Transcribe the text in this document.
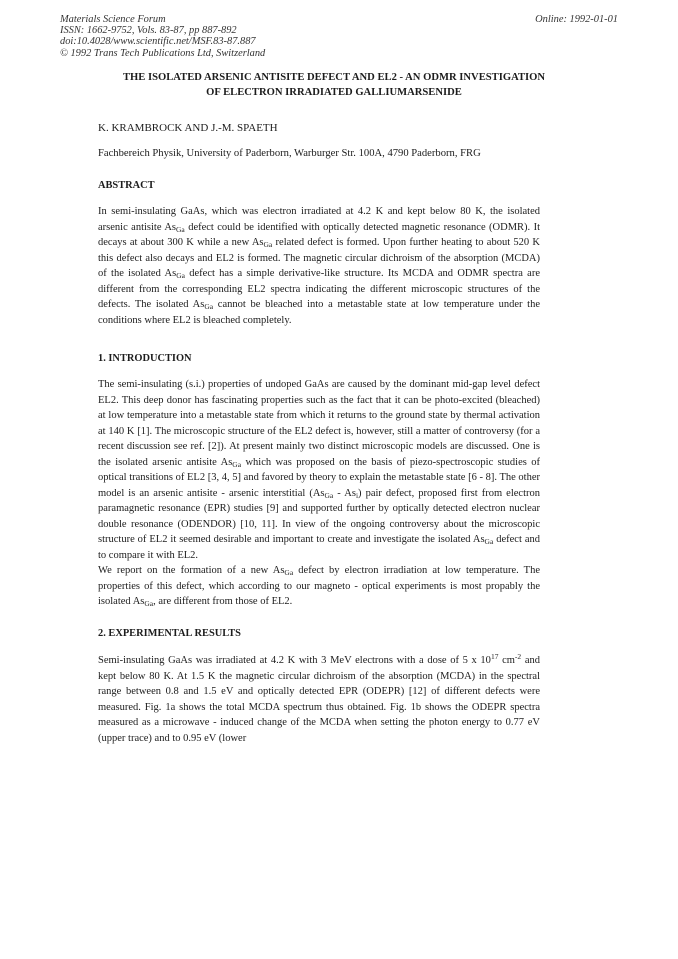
Materials Science Forum
ISSN: 1662-9752, Vols. 83-87, pp 887-892
doi:10.4028/www.scientific.net/MSF.83-87.887
© 1992 Trans Tech Publications Ltd, Switzerland
Online: 1992-01-01
THE ISOLATED ARSENIC ANTISITE DEFECT AND EL2 - AN ODMR INVESTIGATION
OF ELECTRON IRRADIATED GALLIUMARSENIDE
K. KRAMBROCK AND J.-M. SPAETH
Fachbereich Physik, University of Paderborn, Warburger Str. 100A, 4790 Paderborn, FRG
ABSTRACT

In semi-insulating GaAs, which was electron irradiated at 4.2 K and kept below 80 K, the isolated arsenic antisite $As_{Ga}$ defect could be identified with optically detected magnetic resonance (ODMR). It decays at about 300 K while a new $As_{Ga}$ related defect is formed. Upon further heating to about 520 K this defect also decays and EL2 is formed. The magnetic circular dichroism of the absorption (MCDA) of the isolated $As_{Ga}$ defect has a simple derivative-like structure. Its MCDA and ODMR spectra are different from the corresponding EL2 spectra indicating the different microscopic structures of the defects. The isolated $As_{Ga}$ cannot be bleached into a metastable state at low temperature under the conditions where EL2 is bleached completely.

1. INTRODUCTION

The semi-insulating (s.i.) properties of undoped GaAs are caused by the dominant mid-gap level defect EL2. This deep donor has fascinating properties such as the fact that it can be photo-excited (bleached) at low temperature into a metastable state from which it returns to the ground state by thermal activation at 140 K [1]. The microscopic structure of the EL2 defect is, however, still a matter of controversy (for a recent discussion see ref. [2]). At present mainly two distinct microscopic models are discussed. One is the isolated arsenic antisite $As_{Ga}$ which was proposed on the basis of piezo-spectroscopic studies of optical transitions of EL2 [3, 4, 5] and favored by theory to explain the metastable state [6 - 8]. The other model is an arsenic antisite - arsenic interstitial $(As_{Ga} - As_i)$ pair defect, proposed first from electron paramagnetic resonance (EPR) studies [9] and supported further by optically detected electron nuclear double resonance (ODENDOR) [10, 11]. In view of the ongoing controversy about the microscopic structure of EL2 it seemed desirable and important to create and investigate the isolated $As_{Ga}$ defect and to compare it with EL2.

We report on the formation of a new $As_{Ga}$ defect by electron irradiation at low temperature. The properties of this defect, which according to our magneto - optical experiments is most propably the isolated $As_{Ga}$, are different from those of EL2.

2. EXPERIMENTAL RESULTS

Semi-insulating GaAs was irradiated at 4.2 K with 3 MeV electrons with a dose of 5 x $10^{17}$ $cm^{-2}$ and kept below 80 K. At 1.5 K the magnetic circular dichroism of the absorption (MCDA) in the spectral range between 0.8 and 1.5 eV and optically detected EPR (ODEPR) [12] of different defects were measured. Fig. 1a shows the total MCDA spectrum thus obtained. Fig. 1b shows the ODEPR spectra measured as a microwave - induced change of the MCDA when setting the photon energy to 0.77 eV (upper trace) and to 0.95 eV (lower
